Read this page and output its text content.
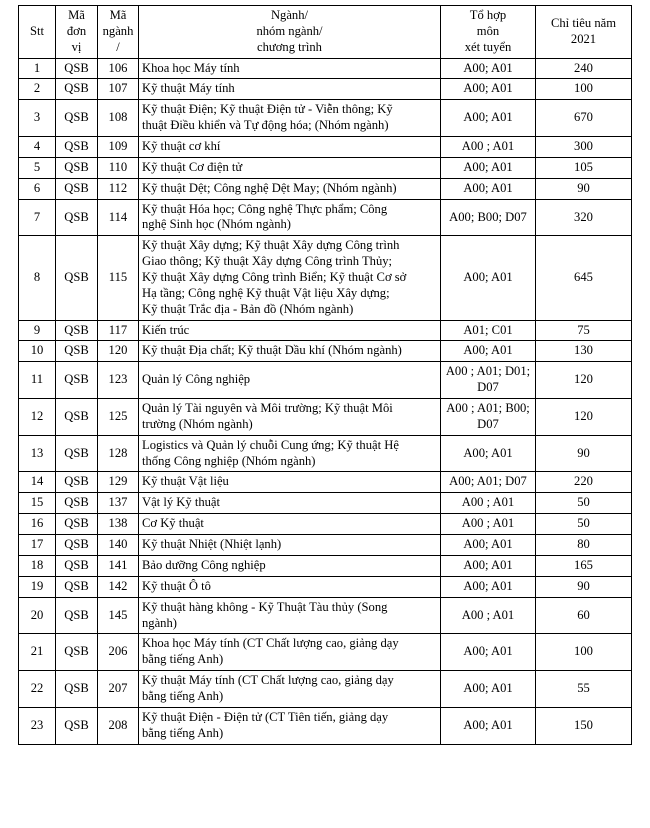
Stt	Mã
đơn
vị	Mã
ngành
/	Ngành/
nhóm ngành/
chương trình	Tổ hợp
môn
xét tuyển	Chỉ tiêu năm
2021

1	QSB	106	Khoa học Máy tính	A00; A01	240
2	QSB	107	Kỹ thuật Máy tính	A00; A01	100
3	QSB	108	Kỹ thuật Điện; Kỹ thuật Điện tử - Viễn thông; Kỹ
thuật Điều khiển và Tự động hóa; (Nhóm ngành)	A00; A01	670
4	QSB	109	Kỹ thuật cơ khí	A00 ; A01	300
5	QSB	110	Kỹ thuật Cơ điện tử	A00; A01	105
6	QSB	112	Kỹ thuật Dệt; Công nghệ Dệt May; (Nhóm ngành)	A00; A01	90
7	QSB	114	Kỹ thuật Hóa học; Công nghệ Thực phẩm; Công
nghệ Sinh học (Nhóm ngành)	A00; B00; D07	320
8	QSB	115	Kỹ thuật Xây dựng; Kỹ thuật Xây dựng Công trình
Giao thông; Kỹ thuật Xây dựng Công trình Thủy;
Kỹ thuật Xây dựng Công trình Biển; Kỹ thuật Cơ sở
Hạ tầng; Công nghệ Kỹ thuật Vật liệu Xây dựng;
Kỹ thuật Trắc địa - Bản đồ (Nhóm ngành)	A00; A01	645
9	QSB	117	Kiến trúc	A01; C01	75
10	QSB	120	Kỹ thuật Địa chất; Kỹ thuật Dầu khí (Nhóm ngành)	A00; A01	130
11	QSB	123	Quản lý Công nghiệp	A00 ; A01; D01; D07	120
12	QSB	125	Quản lý Tài nguyên và Môi trường; Kỹ thuật Môi
trường (Nhóm ngành)	A00 ; A01; B00; D07	120
13	QSB	128	Logistics và Quản lý chuỗi Cung ứng; Kỹ thuật Hệ
thống Công nghiệp (Nhóm ngành)	A00; A01	90
14	QSB	129	Kỹ thuật Vật liệu	A00; A01; D07	220
15	QSB	137	Vật lý Kỹ thuật	A00 ; A01	50
16	QSB	138	Cơ Kỹ thuật	A00 ; A01	50
17	QSB	140	Kỹ thuật Nhiệt (Nhiệt lạnh)	A00; A01	80
18	QSB	141	Bảo dưỡng Công nghiệp	A00; A01	165
19	QSB	142	Kỹ thuật Ô tô	A00; A01	90
20	QSB	145	Kỹ thuật hàng không - Kỹ Thuật Tàu thủy (Song
ngành)	A00 ; A01	60
21	QSB	206	Khoa học Máy tính (CT Chất lượng cao, giảng dạy
bằng tiếng Anh)	A00; A01	100
22	QSB	207	Kỹ thuật Máy tính (CT Chất lượng cao, giảng dạy
bằng tiếng Anh)	A00; A01	55
23	QSB	208	Kỹ thuật Điện - Điện tử (CT Tiên tiến, giảng dạy
bằng tiếng Anh)	A00; A01	150
